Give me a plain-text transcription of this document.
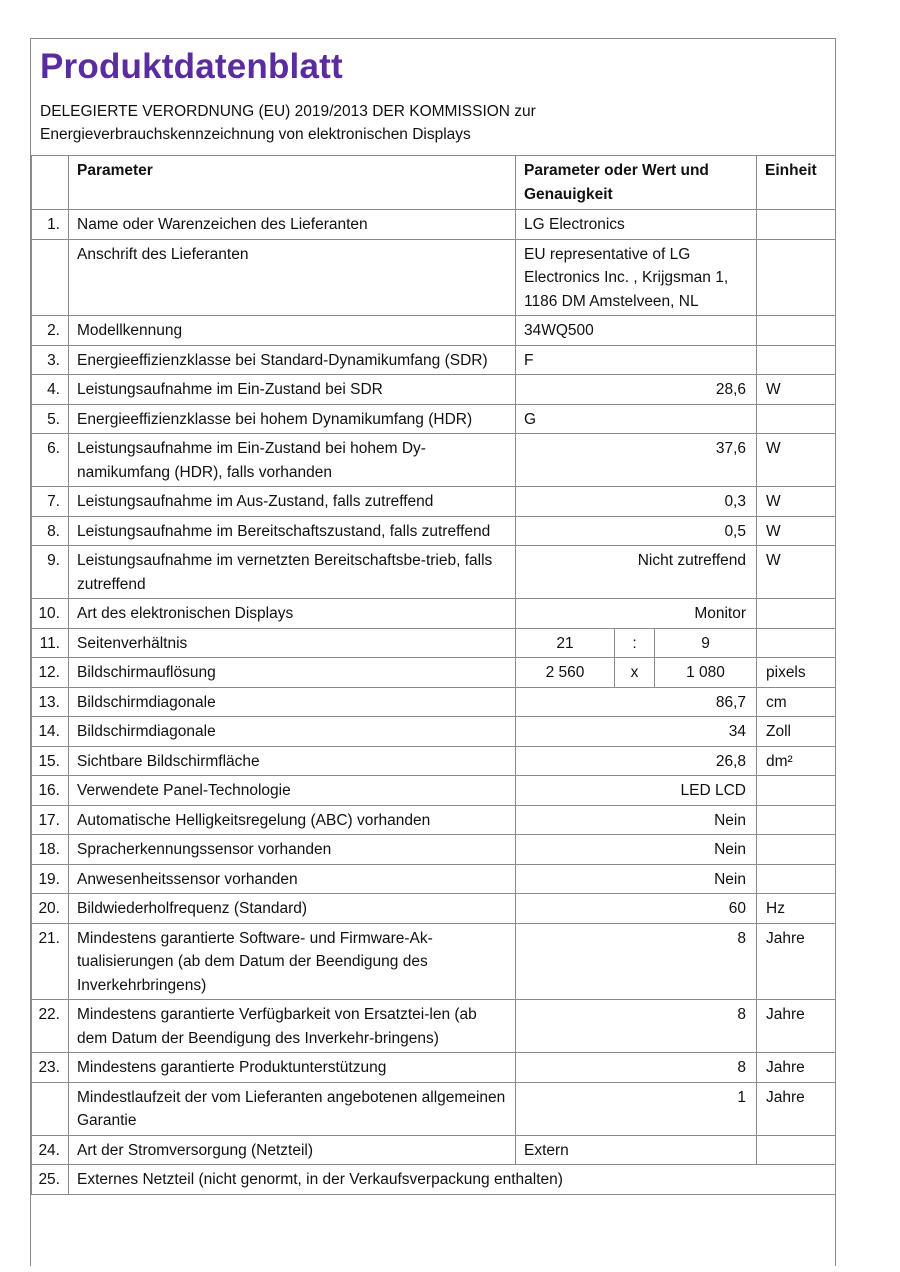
Produktdatenblatt
DELEGIERTE VERORDNUNG (EU) 2019/2013 DER KOMMISSION zur
Energieverbrauchskennzeichnung von elektronischen Displays
	Parameter	Parameter oder Wert und Genauigkeit			Einheit
1.	Name oder Warenzeichen des Lieferanten	LG Electronics			
	Anschrift des Lieferanten	EU representative of LG Electronics Inc. , Krijgsman 1, 1186 DM Amstelveen, NL			
2.	Modellkennung	34WQ500			
3.	Energieeffizienzklasse bei Standard-Dynamikumfang (SDR)	F			
4.	Leistungsaufnahme im Ein-Zustand bei SDR	28,6			W
5.	Energieeffizienzklasse bei hohem Dynamikumfang (HDR)	G			
6.	Leistungsaufnahme im Ein-Zustand bei hohem Dy-namikumfang (HDR), falls vorhanden	37,6			W
7.	Leistungsaufnahme im Aus-Zustand, falls zutreffend	0,3			W
8.	Leistungsaufnahme im Bereitschaftszustand, falls zutreffend	0,5			W
9.	Leistungsaufnahme im vernetzten Bereitschaftsbe-trieb, falls zutreffend	Nicht zutreffend			W
10.	Art des elektronischen Displays	Monitor			
11.	Seitenverhältnis	21	:	9	
12.	Bildschirmauflösung	2 560	x	1 080	pixels
13.	Bildschirmdiagonale	86,7			cm
14.	Bildschirmdiagonale	34			Zoll
15.	Sichtbare Bildschirmfläche	26,8			dm²
16.	Verwendete Panel-Technologie	LED LCD			
17.	Automatische Helligkeitsregelung (ABC) vorhanden	Nein			
18.	Spracherkennungssensor vorhanden	Nein			
19.	Anwesenheitssensor vorhanden	Nein			
20.	Bildwiederholfrequenz (Standard)	60			Hz
21.	Mindestens garantierte Software- und Firmware-Ak-tualisierungen (ab dem Datum der Beendigung des Inverkehrbringens)	8			Jahre
22.	Mindestens garantierte Verfügbarkeit von Ersatztei-len (ab dem Datum der Beendigung des Inverkehr-bringens)	8			Jahre
23.	Mindestens garantierte Produktunterstützung	8			Jahre
	Mindestlaufzeit der vom Lieferanten angebotenen allgemeinen Garantie	1			Jahre
24.	Art der Stromversorgung (Netzteil)	Extern			
25.	Externes Netzteil (nicht genormt, in der Verkaufsverpackung enthalten)				
